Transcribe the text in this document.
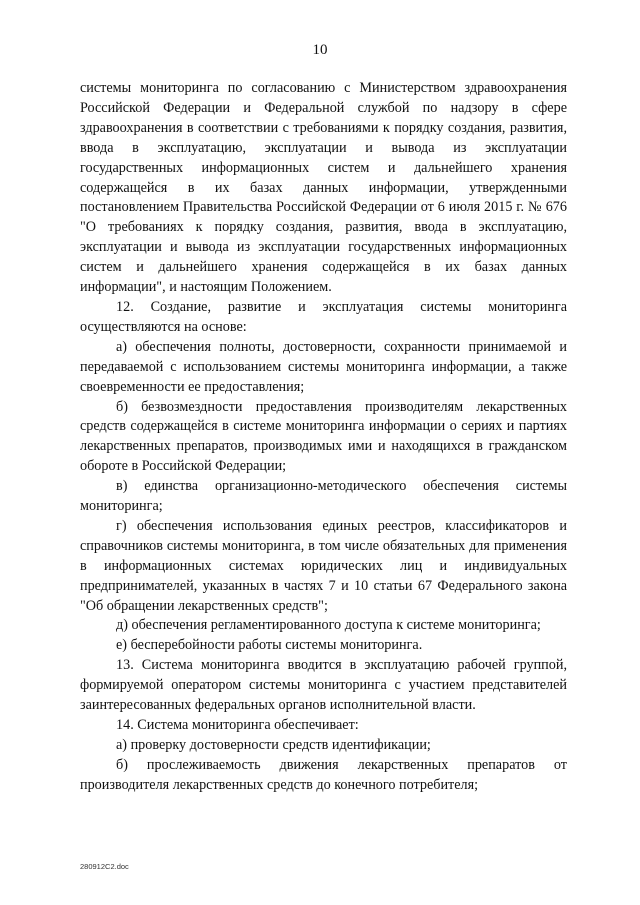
10

системы мониторинга по согласованию с Министерством здравоохранения Российской Федерации и Федеральной службой по надзору в сфере здравоохранения в соответствии с требованиями к порядку создания, развития, ввода в эксплуатацию, эксплуатации и вывода из эксплуатации государственных информационных систем и дальнейшего хранения содержащейся в их базах данных информации, утвержденными постановлением Правительства Российской Федерации от 6 июля 2015 г. № 676 "О требованиях к порядку создания, развития, ввода в эксплуатацию, эксплуатации и вывода из эксплуатации государственных информационных систем и дальнейшего хранения содержащейся в их базах данных информации", и настоящим Положением.

12. Создание, развитие и эксплуатация системы мониторинга осуществляются на основе:

а) обеспечения полноты, достоверности, сохранности принимаемой и передаваемой с использованием системы мониторинга информации, а также своевременности ее предоставления;

б) безвозмездности предоставления производителям лекарственных средств содержащейся в системе мониторинга информации о сериях и партиях лекарственных препаратов, производимых ими и находящихся в гражданском обороте в Российской Федерации;

в) единства организационно-методического обеспечения системы мониторинга;

г) обеспечения использования единых реестров, классификаторов и справочников системы мониторинга, в том числе обязательных для применения в информационных системах юридических лиц и индивидуальных предпринимателей, указанных в частях 7 и 10 статьи 67 Федерального закона "Об обращении лекарственных средств";

д) обеспечения регламентированного доступа к системе мониторинга;

е) бесперебойности работы системы мониторинга.

13. Система мониторинга вводится в эксплуатацию рабочей группой, формируемой оператором системы мониторинга с участием представителей заинтересованных федеральных органов исполнительной власти.

14. Система мониторинга обеспечивает:

а) проверку достоверности средств идентификации;

б) прослеживаемость движения лекарственных препаратов от производителя лекарственных средств до конечного потребителя;

280912C2.doc
